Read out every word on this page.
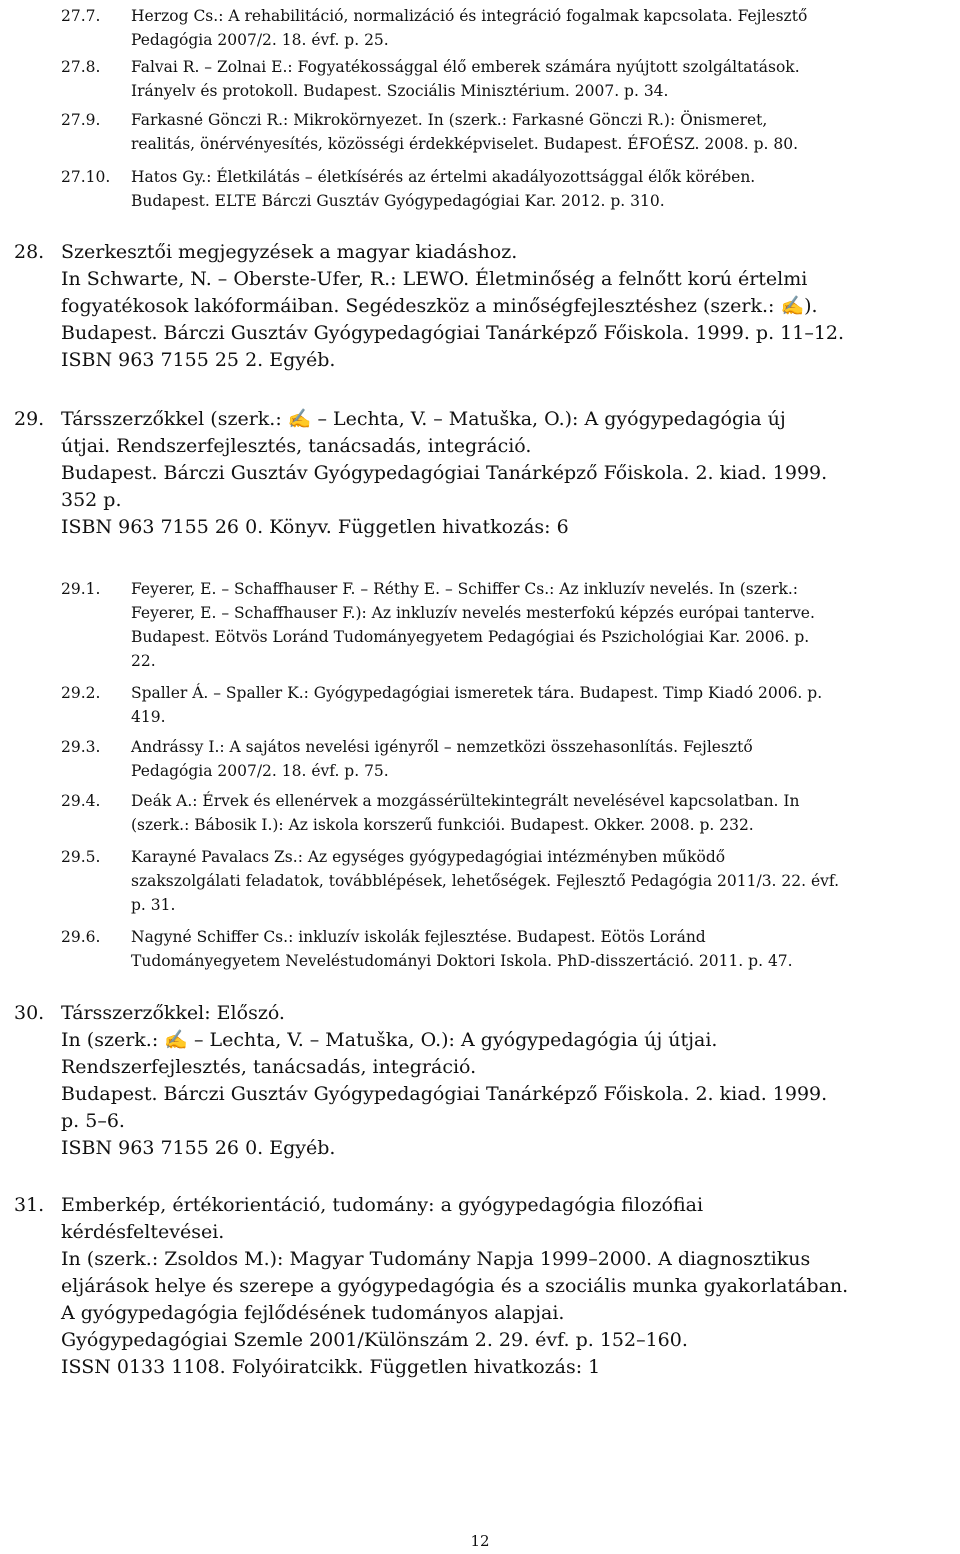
27.7. Herzog Cs.: A rehabilitáció, normalizáció és integráció fogalmak kapcsolata. Fejlesztő
Pedagógia 2007/2. 18. évf. p. 25.
27.8. Falvai R. – Zolnai E.: Fogyatékossággal élő emberek számára nyújtott szolgáltatások.
Irányelv és protokoll. Budapest. Szociális Minisztérium. 2007. p. 34.
27.9. Farkasné Gönczi R.: Mikrokörnyezet. In (szerk.: Farkasné Gönczi R.): Önismeret,
realitás, önérvényesítés, közösségi érdekképviselet. Budapest. ÉFOÉSZ. 2008. p. 80.
27.10. Hatos Gy.: Életkilátás – életkísérés az értelmi akadályozottsággal élők körében.
Budapest. ELTE Bárczi Gusztáv Gyógypedagógiai Kar. 2012. p. 310.
28. Szerkesztői megjegyzések a magyar kiadáshoz.
In Schwarte, N. – Oberste-Ufer, R.: LEWO. Életminőség a felnőtt korú értelmi
fogyatékosok lakóformáiban. Segédeszköz a minőségfejlesztéshez (szerk.: ✍).
Budapest. Bárczi Gusztáv Gyógypedagógiai Tanárképző Főiskola. 1999. p. 11–12.
ISBN 963 7155 25 2. Egyéb.
29. Társszerzőkkel (szerk.: ✍ – Lechta, V. – Matuška, O.): A gyógypedagógia új
útjai. Rendszerfejlesztés, tanácsadás, integráció.
Budapest. Bárczi Gusztáv Gyógypedagógiai Tanárképző Főiskola. 2. kiad. 1999.
352 p.
ISBN 963 7155 26 0. Könyv. Független hivatkozás: 6
29.1. Feyerer, E. – Schaffhauser F. – Réthy E. – Schiffer Cs.: Az inkluzív nevelés. In (szerk.:
Feyerer, E. – Schaffhauser F.): Az inkluzív nevelés mesterfokú képzés európai tanterve.
Budapest. Eötvös Loránd Tudományegyetem Pedagógiai és Pszichológiai Kar. 2006. p.
22.
29.2. Spaller Á. – Spaller K.: Gyógypedagógiai ismeretek tára. Budapest. Timp Kiadó 2006. p.
419.
29.3. Andrássy I.: A sajátos nevelési igényről – nemzetközi összehasonlítás. Fejlesztő
Pedagógia 2007/2. 18. évf. p. 75.
29.4. Deák A.: Érvek és ellenérvek a mozgássérültekintegrált nevelésével kapcsolatban. In
(szerk.: Bábosik I.): Az iskola korszerű funkciói. Budapest. Okker. 2008. p. 232.
29.5. Karayné Pavalacs Zs.: Az egységes gyógypedagógiai intézményben működő
szakszolgálati feladatok, továbblépések, lehetőségek. Fejlesztő Pedagógia 2011/3. 22. évf.
p. 31.
29.6. Nagyné Schiffer Cs.: inkluzív iskolák fejlesztése. Budapest. Eötös Loránd
Tudományegyetem Neveléstudományi Doktori Iskola. PhD-disszertáció. 2011. p. 47.
30. Társszerzőkkel: Előszó.
In (szerk.: ✍ – Lechta, V. – Matuška, O.): A gyógypedagógia új útjai.
Rendszerfejlesztés, tanácsadás, integráció.
Budapest. Bárczi Gusztáv Gyógypedagógiai Tanárképző Főiskola. 2. kiad. 1999.
p. 5–6.
ISBN 963 7155 26 0. Egyéb.
31. Emberkép, értékorientáció, tudomány: a gyógypedagógia filozófiai
kérdésfeltevései.
In (szerk.: Zsoldos M.): Magyar Tudomány Napja 1999–2000. A diagnosztikus
eljárások helye és szerepe a gyógypedagógia és a szociális munka gyakorlatában.
A gyógypedagógia fejlődésének tudományos alapjai.
Gyógypedagógiai Szemle 2001/Különszám 2. 29. évf. p. 152–160.
ISSN 0133 1108. Folyóiratcikk. Független hivatkozás: 1
12
